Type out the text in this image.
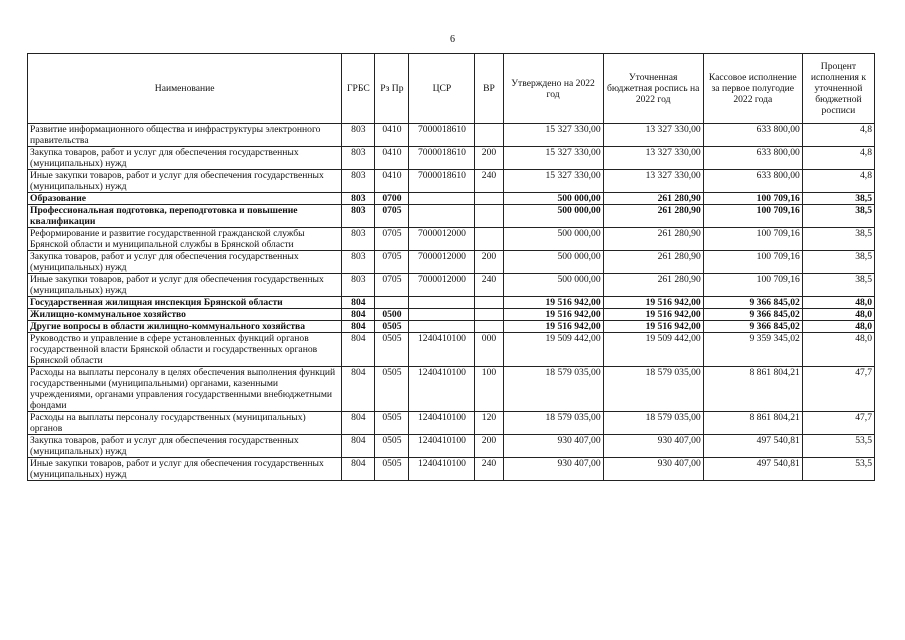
6
Наименование	ГРБС	Рз Пр	ЦСР	ВР	Утверждено на 2022 год	Уточненная бюджетная роспись на 2022 год	Кассовое исполнение за первое полугодие 2022 года	Процент исполнения к уточненной бюджетной росписи
Развитие информационного общества и инфраструктуры электронного правительства	803	0410	7000018610		15 327 330,00	13 327 330,00	633 800,00	4,8
Закупка товаров, работ и услуг для обеспечения государственных (муниципальных) нужд	803	0410	7000018610	200	15 327 330,00	13 327 330,00	633 800,00	4,8
Иные закупки товаров, работ и услуг для обеспечения государственных (муниципальных) нужд	803	0410	7000018610	240	15 327 330,00	13 327 330,00	633 800,00	4,8
Образование	803	0700			500 000,00	261 280,90	100 709,16	38,5
Профессиональная подготовка, переподготовка и повышение квалификации	803	0705			500 000,00	261 280,90	100 709,16	38,5
Реформирование и развитие государственной гражданской службы Брянской области и муниципальной службы в Брянской области	803	0705	7000012000		500 000,00	261 280,90	100 709,16	38,5
Закупка товаров, работ и услуг для обеспечения государственных (муниципальных) нужд	803	0705	7000012000	200	500 000,00	261 280,90	100 709,16	38,5
Иные закупки товаров, работ и услуг для обеспечения государственных (муниципальных) нужд	803	0705	7000012000	240	500 000,00	261 280,90	100 709,16	38,5
Государственная жилищная инспекция Брянской области	804				19 516 942,00	19 516 942,00	9 366 845,02	48,0
Жилищно-коммунальное хозяйство	804	0500			19 516 942,00	19 516 942,00	9 366 845,02	48,0
Другие вопросы в области жилищно-коммунального хозяйства	804	0505			19 516 942,00	19 516 942,00	9 366 845,02	48,0
Руководство и управление в сфере установленных функций органов государственной власти Брянской области и государственных органов Брянской области	804	0505	1240410100	000	19 509 442,00	19 509 442,00	9 359 345,02	48,0
Расходы на выплаты персоналу в целях обеспечения выполнения функций государственными (муниципальными) органами, казенными учреждениями, органами управления государственными внебюджетными фондами	804	0505	1240410100	100	18 579 035,00	18 579 035,00	8 861 804,21	47,7
Расходы на выплаты персоналу государственных (муниципальных) органов	804	0505	1240410100	120	18 579 035,00	18 579 035,00	8 861 804,21	47,7
Закупка товаров, работ и услуг для обеспечения государственных (муниципальных) нужд	804	0505	1240410100	200	930 407,00	930 407,00	497 540,81	53,5
Иные закупки товаров, работ и услуг для обеспечения государственных (муниципальных) нужд	804	0505	1240410100	240	930 407,00	930 407,00	497 540,81	53,5
